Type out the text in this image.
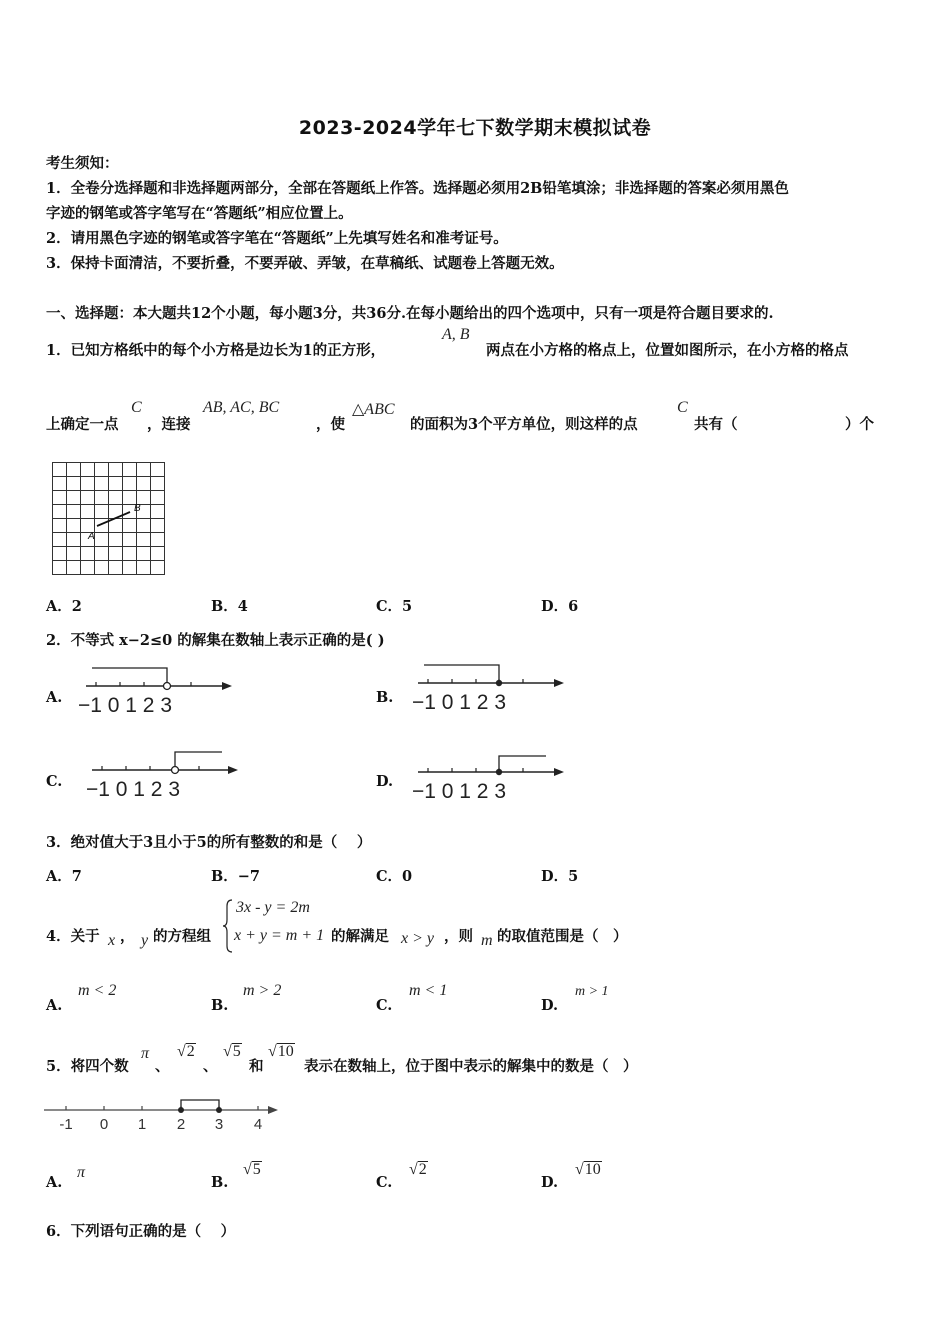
2023-2024学年七下数学期末模拟试卷
考生须知：
1．全卷分选择题和非选择题两部分，全部在答题纸上作答。选择题必须用2B铅笔填涂；非选择题的答案必须用黑色
字迹的钢笔或答字笔写在“答题纸”相应位置上。
2．请用黑色字迹的钢笔或答字笔在“答题纸”上先填写姓名和准考证号。
3．保持卡面清洁，不要折叠，不要弄破、弄皱，在草稿纸、试题卷上答题无效。
一、选择题：本大题共12个小题，每小题3分，共36分.在每小题给出的四个选项中，只有一项是符合题目要求的.
1．已知方格纸中的每个小方格是边长为1的正方形，
A, B
两点在小方格的格点上，位置如图所示，在小方格的格点
上确定一点
C
，连接
AB, AC, BC
，使
△ABC
的面积为3个平方单位，则这样的点
C
共有（	）个
A
B
A．2	B．4	C．5	D．6
2．不等式 x−2≤0 的解集在数轴上表示正确的是( )
A. −1 0 1 2 3	B. −1 0 1 2 3
C. −1 0 1 2 3	D. −1 0 1 2 3
3．绝对值大于3且小于5的所有整数的和是（　 ）
A．7	B．−7	C．0	D．5
4．关于 x ， y 的方程组
3x - y = 2m
x + y = m + 1 的解满足 x > y ，则 m 的取值范围是（　）
A.
m < 2
B.
m > 2
C.
m < 1
D.
m > 1
5．将四个数
π
、
√2
、
√5
和
√10
表示在数轴上，位于图中表示的解集中的数是（　）
-1 0 1 2 3 4
A.
π
B.
√5
C.
√2
D.
√10
6．下列语句正确的是（　 ）
